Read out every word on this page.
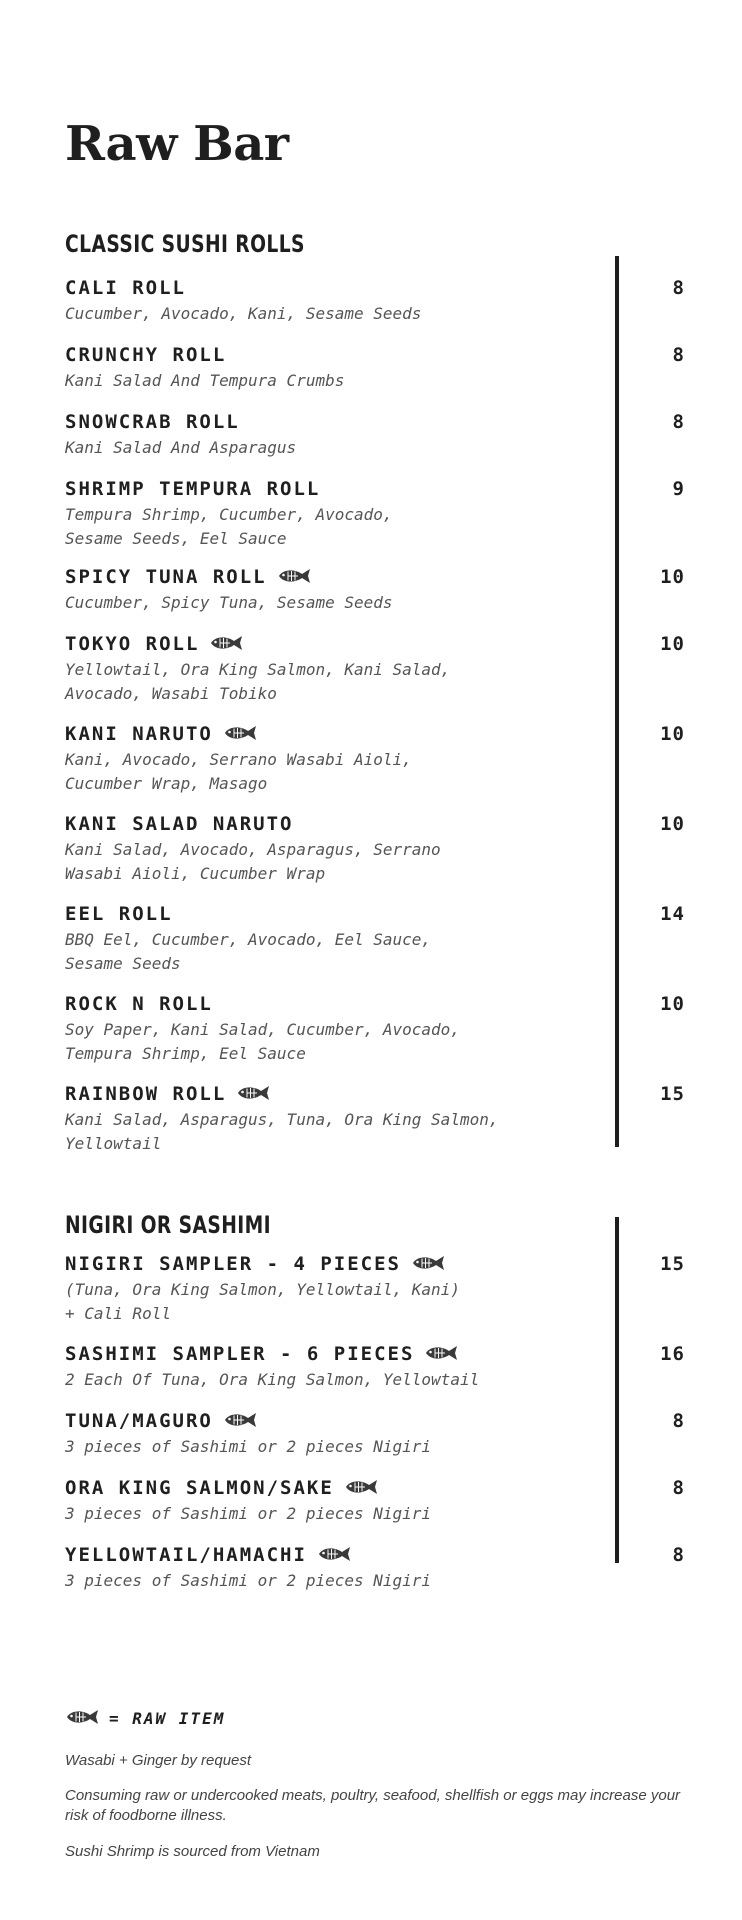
Raw Bar
CLASSIC SUSHI ROLLS
CALI ROLL
Cucumber, Avocado, Kani, Sesame Seeds
8
CRUNCHY ROLL
Kani Salad And Tempura Crumbs
8
SNOWCRAB ROLL
Kani Salad And Asparagus
8
SHRIMP TEMPURA ROLL
Tempura Shrimp, Cucumber, Avocado,
Sesame Seeds, Eel Sauce
9
SPICY TUNA ROLL
Cucumber, Spicy Tuna, Sesame Seeds
10
TOKYO ROLL
Yellowtail, Ora King Salmon, Kani Salad,
Avocado, Wasabi Tobiko
10
KANI NARUTO
Kani, Avocado, Serrano Wasabi Aioli,
Cucumber Wrap, Masago
10
KANI SALAD NARUTO
Kani Salad, Avocado, Asparagus, Serrano
Wasabi Aioli, Cucumber Wrap
10
EEL ROLL
BBQ Eel, Cucumber, Avocado, Eel Sauce,
Sesame Seeds
14
ROCK N ROLL
Soy Paper, Kani Salad, Cucumber, Avocado,
Tempura Shrimp, Eel Sauce
10
RAINBOW ROLL
Kani Salad, Asparagus, Tuna, Ora King Salmon,
Yellowtail
15
NIGIRI OR SASHIMI
NIGIRI SAMPLER - 4 PIECES
(Tuna, Ora King Salmon, Yellowtail, Kani)
+ Cali Roll
15
SASHIMI SAMPLER - 6 PIECES
2 Each Of Tuna, Ora King Salmon, Yellowtail
16
TUNA/MAGURO
3 pieces of Sashimi or 2 pieces Nigiri
8
ORA KING SALMON/SAKE
3 pieces of Sashimi or 2 pieces Nigiri
8
YELLOWTAIL/HAMACHI
3 pieces of Sashimi or 2 pieces Nigiri
8
= RAW ITEM
Wasabi + Ginger by request
Consuming raw or undercooked meats, poultry, seafood, shellfish or eggs may increase your risk of foodborne illness.
Sushi Shrimp is sourced from Vietnam
